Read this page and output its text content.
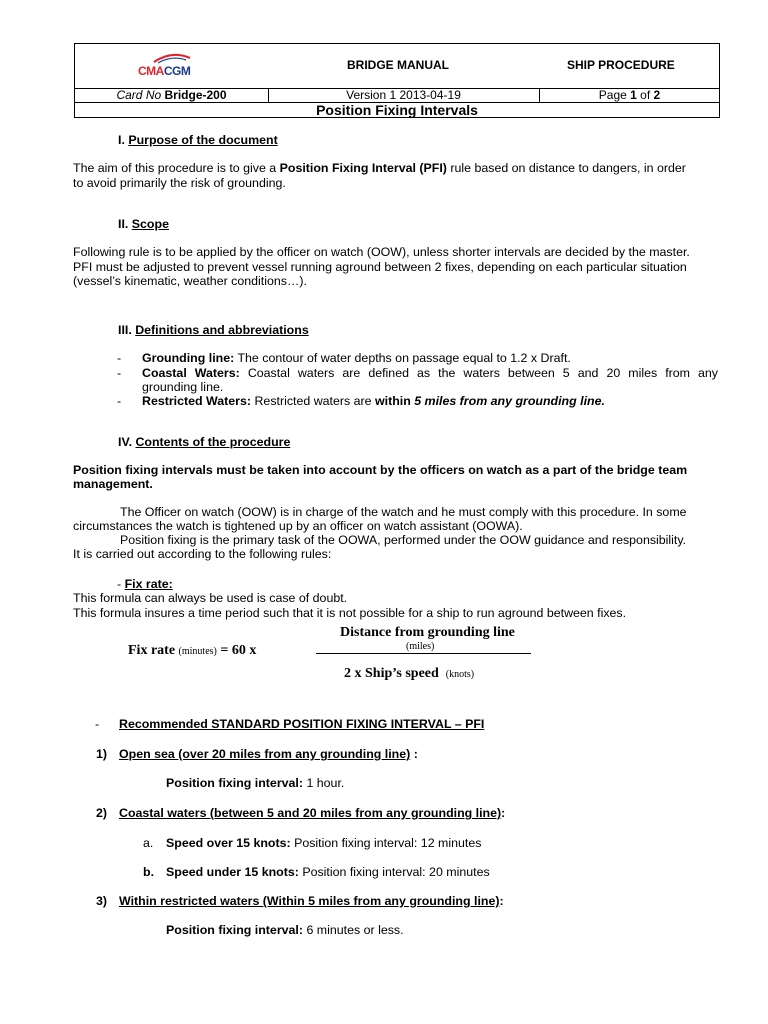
CMACGM	BRIDGE MANUAL	SHIP PROCEDURE
Card No Bridge-200	Version 1 2013-04-19	Page 1 of 2
Position Fixing Intervals
I. Purpose of the document
The aim of this procedure is to give a Position Fixing Interval (PFI) rule based on distance to dangers, in order
to avoid primarily the risk of grounding.
II. Scope
Following rule is to be applied by the officer on watch (OOW), unless shorter intervals are decided by the master.
PFI must be adjusted to prevent vessel running aground between 2 fixes, depending on each particular situation
(vessel’s kinematic, weather conditions…).
III. Definitions and abbreviations
- Grounding line: The contour of water depths on passage equal to 1.2 x Draft.
- Coastal Waters: Coastal waters are defined as the waters between 5 and 20 miles from any
grounding line.
- Restricted Waters: Restricted waters are within 5 miles from any grounding line.
IV. Contents of the procedure
Position fixing intervals must be taken into account by the officers on watch as a part of the bridge team
management.
The Officer on watch (OOW) is in charge of the watch and he must comply with this procedure. In some
circumstances the watch is tightened up by an officer on watch assistant (OOWA).
Position fixing is the primary task of the OOWA, performed under the OOW guidance and responsibility.
It is carried out according to the following rules:
- Fix rate:
This formula can always be used is case of doubt.
This formula insures a time period such that it is not possible for a ship to run aground between fixes.
Distance from grounding line
(miles)
Fix rate (minutes) = 60 x
2 x Ship’s speed (knots)
- Recommended STANDARD POSITION FIXING INTERVAL – PFI
1) Open sea (over 20 miles from any grounding line) :
Position fixing interval: 1 hour.
2) Coastal waters (between 5 and 20 miles from any grounding line):
a. Speed over 15 knots: Position fixing interval: 12 minutes
b. Speed under 15 knots: Position fixing interval: 20 minutes
3) Within restricted waters (Within 5 miles from any grounding line):
Position fixing interval: 6 minutes or less.
